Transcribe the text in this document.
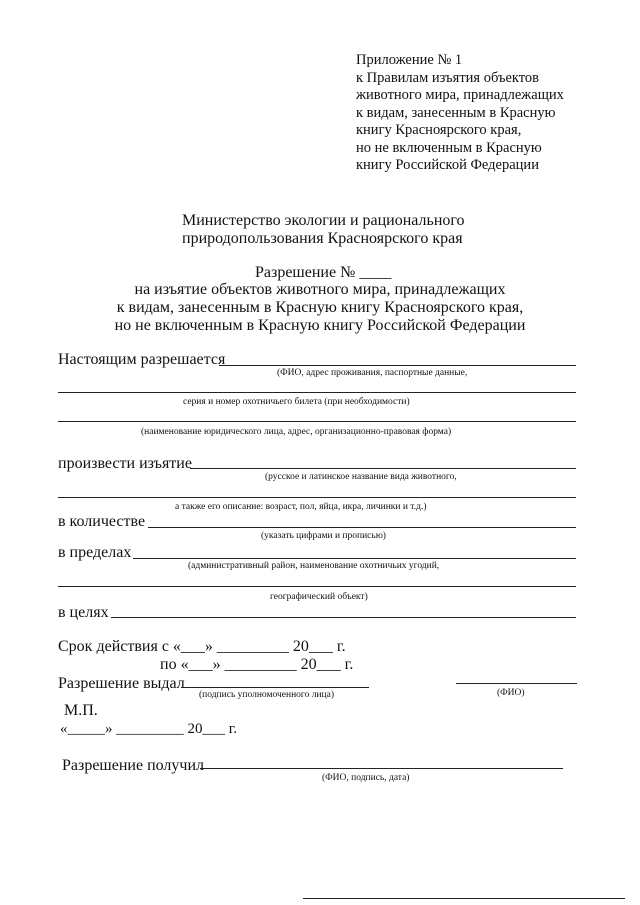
Приложение № 1
к Правилам изъятия объектов
животного мира, принадлежащих
к видам, занесенным в Красную
книгу Красноярского края,
но не включенным в Красную
книгу Российской Федерации
Министерство экологии и рационального
природопользования Красноярского края
Разрешение № ____
на изъятие объектов животного мира, принадлежащих
к видам, занесенным в Красную книгу Красноярского края,
но не включенным в Красную книгу Российской Федерации
Настоящим разрешается
(ФИО, адрес проживания, паспортные данные,
серия и номер охотничьего билета (при необходимости)
(наименование юридического лица, адрес, организационно-правовая форма)
произвести изъятие
(русское и латинское название вида животного,
а также его описание: возраст, пол, яйца, икра, личинки и т.д.)
в количестве
(указать цифрами и прописью)
в пределах
(административный район, наименование охотничьих угодий,
географический объект)
в целях
Срок действия с «___» _________ 20___ г.
по «___» _________ 20___ г.
Разрешение выдал
(подпись уполномоченного лица)	(ФИО)
М.П.
«_____» _________ 20___ г.
Разрешение получил
(ФИО, подпись, дата)
